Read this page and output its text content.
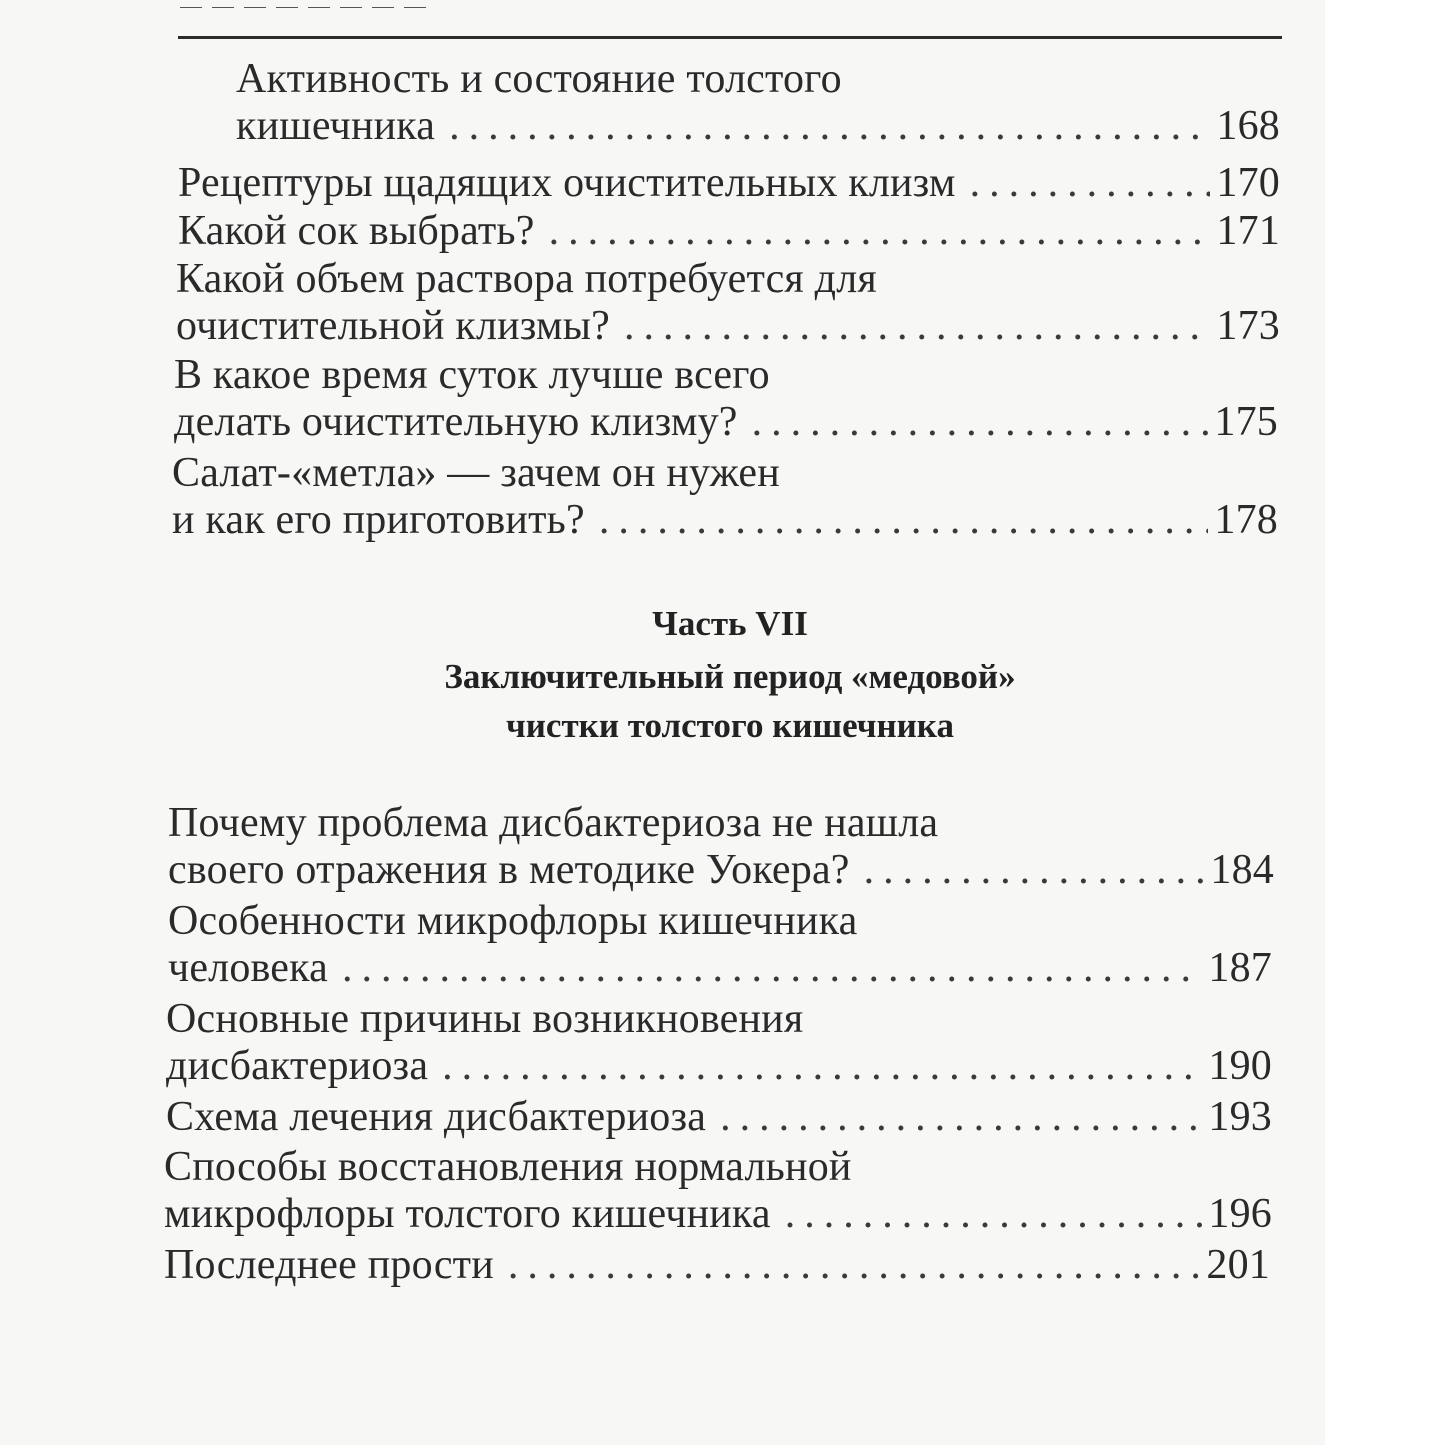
Активность и состояние толстого
кишечника .....	168
Рецептуры щадящих очистительных клизм .....	170
Какой сок выбрать? .....	171
Какой объем раствора потребуется для
очистительной клизмы? .....	173
В какое время суток лучше всего
делать очистительную клизму? .....	175
Салат-«метла» — зачем он нужен
и как его приготовить? .....	178
Часть VII
Заключительный период «медовой»
чистки толстого кишечника
Почему проблема дисбактериоза не нашла
своего отражения в методике Уокера? .....	184
Особенности микрофлоры кишечника
человека .....	187
Основные причины возникновения
дисбактериоза .....	190
Схема лечения дисбактериоза .....	193
Способы восстановления нормальной
микрофлоры толстого кишечника .....	196
Последнее прости .....	201
